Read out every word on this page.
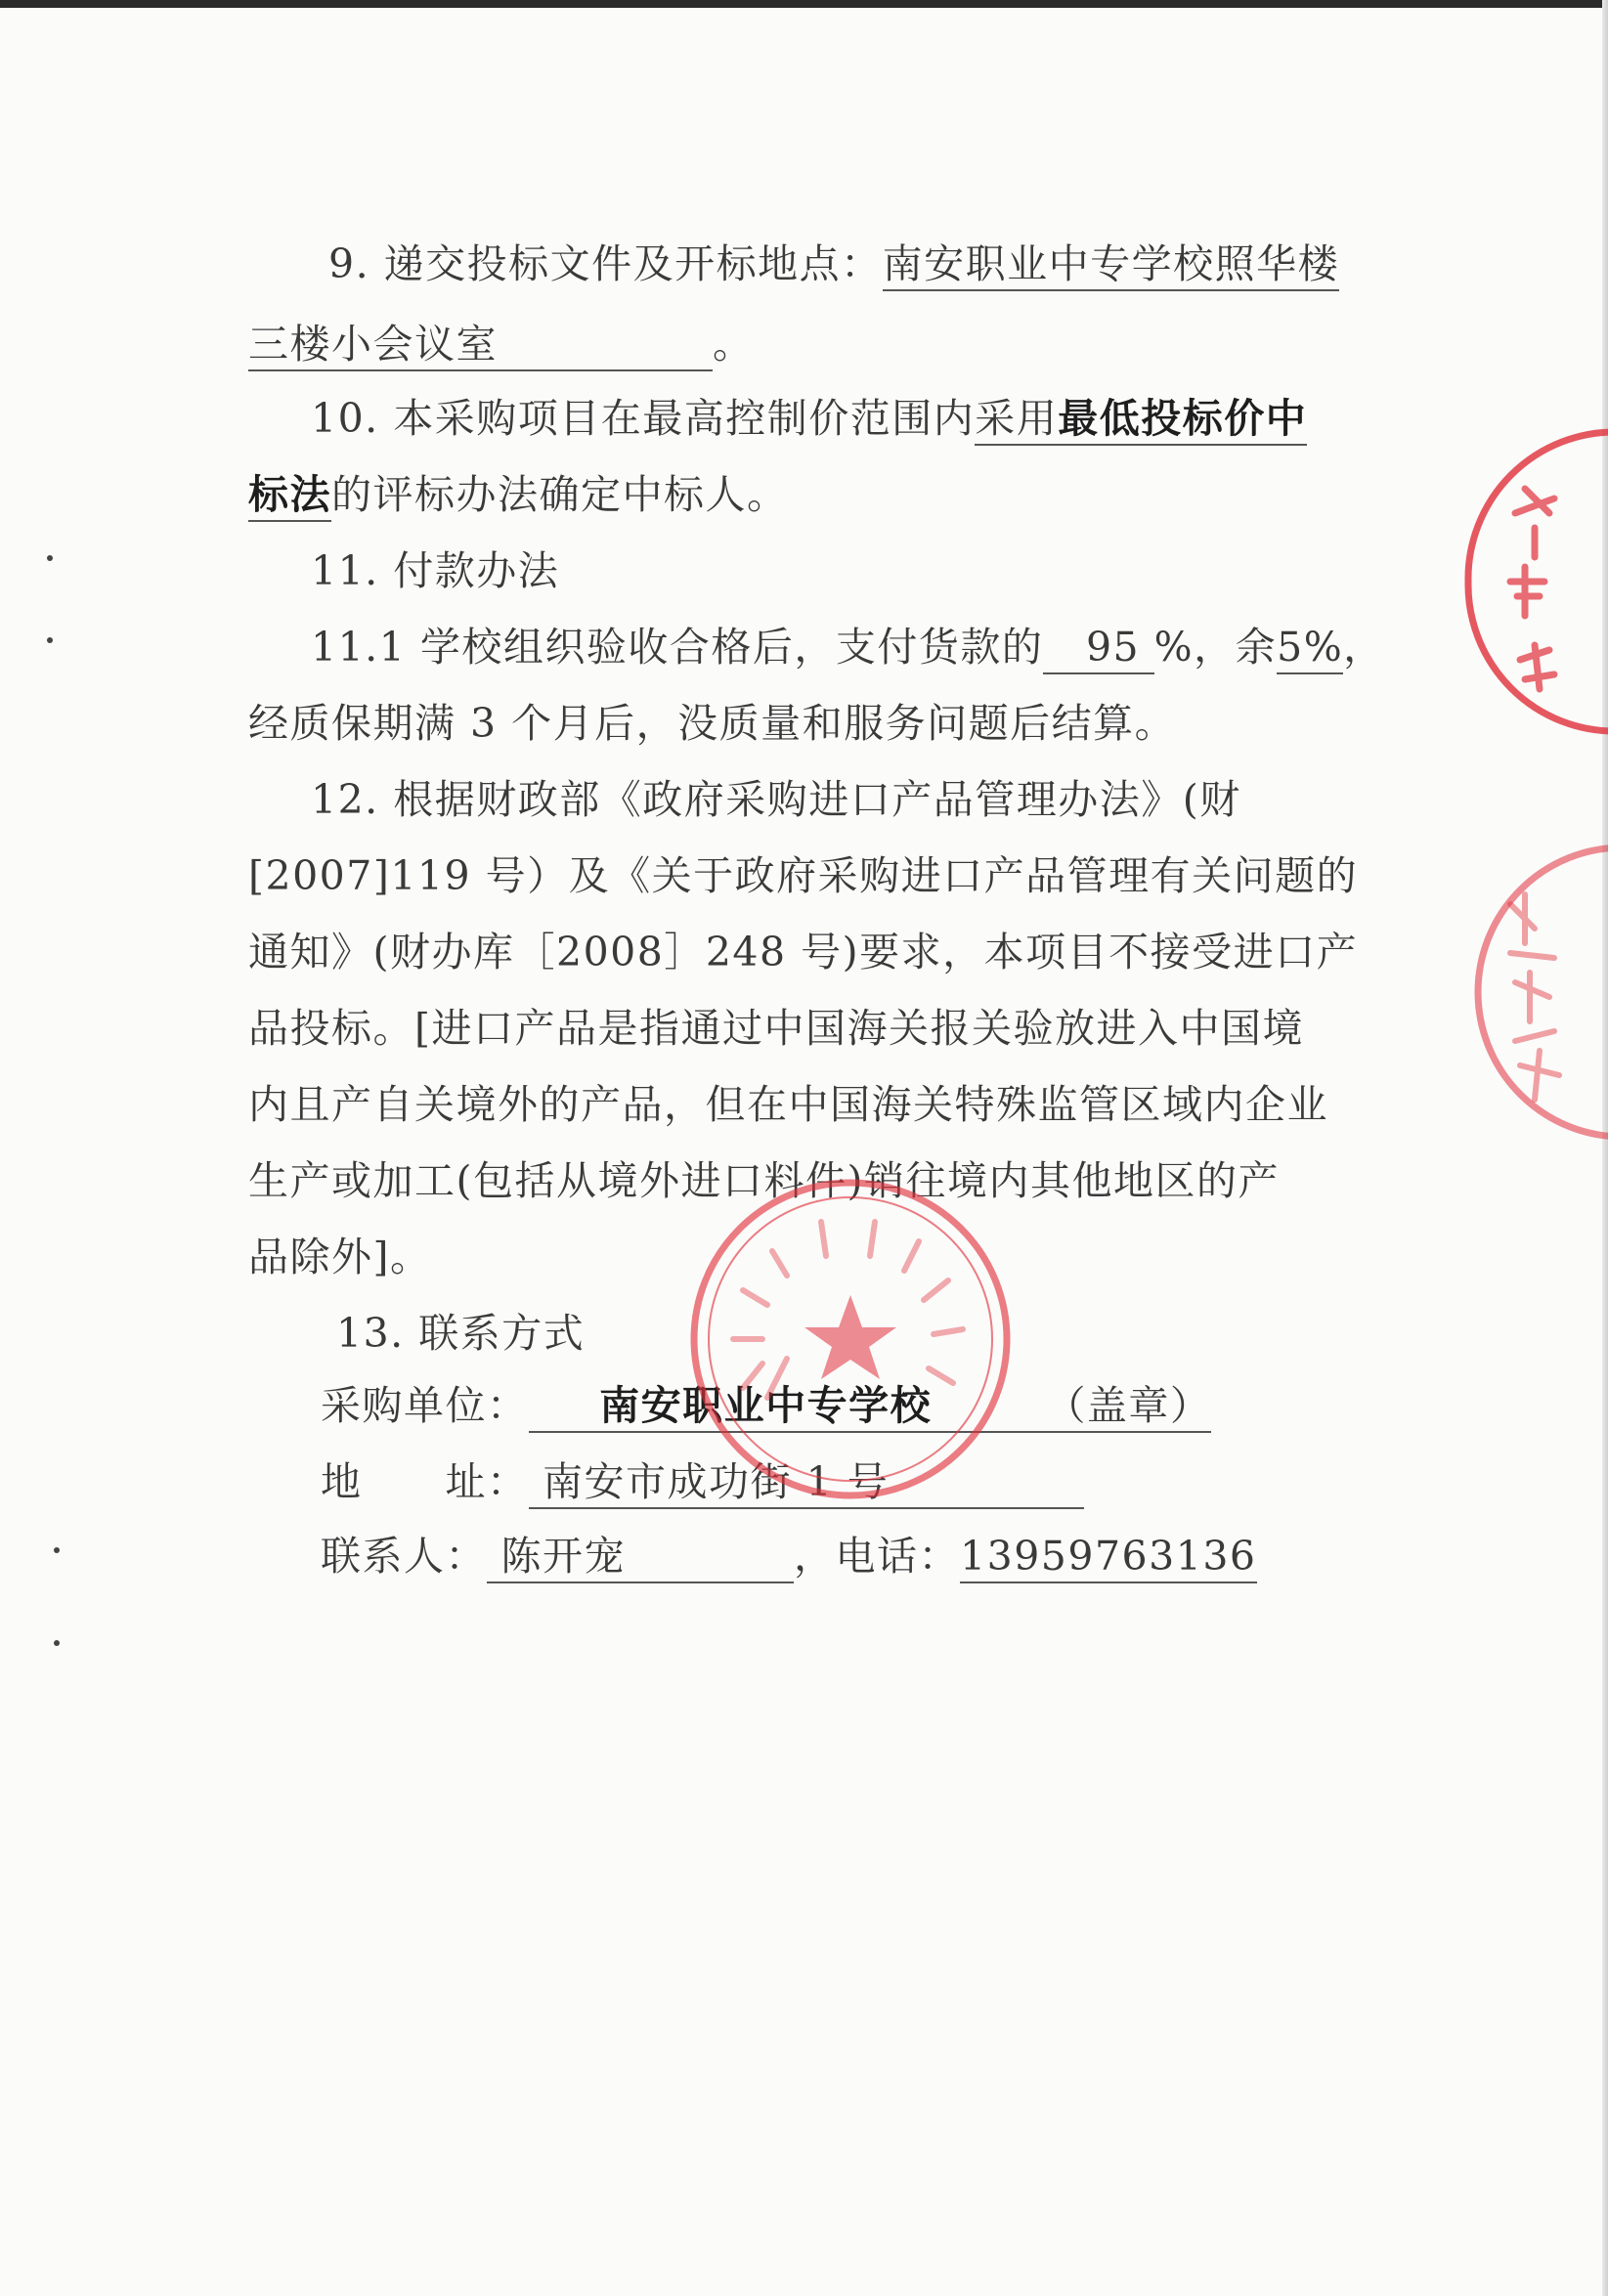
9. 递交投标文件及开标地点：南安职业中专学校照华楼
三楼小会议室	。
10. 本采购项目在最高控制价范围内采用最低投标价中
标法的评标办法确定中标人。
11. 付款办法
11.1 学校组织验收合格后，支付货款的 95 %，余5%，
经质保期满 3 个月后，没质量和服务问题后结算。
12. 根据财政部《政府采购进口产品管理办法》(财
[2007]119 号）及《关于政府采购进口产品管理有关问题的
通知》(财办库［2008］248 号)要求，本项目不接受进口产
品投标。[进口产品是指通过中国海关报关验放进入中国境
内且产自关境外的产品，但在中国海关特殊监管区域内企业
生产或加工(包括从境外进口料件)销往境内其他地区的产
品除外]。
13. 联系方式
采购单位： 南安职业中专学校	（盖章）
地　　址： 南安市成功街 1 号
联系人： 陈开宠	，电话：13959763136
